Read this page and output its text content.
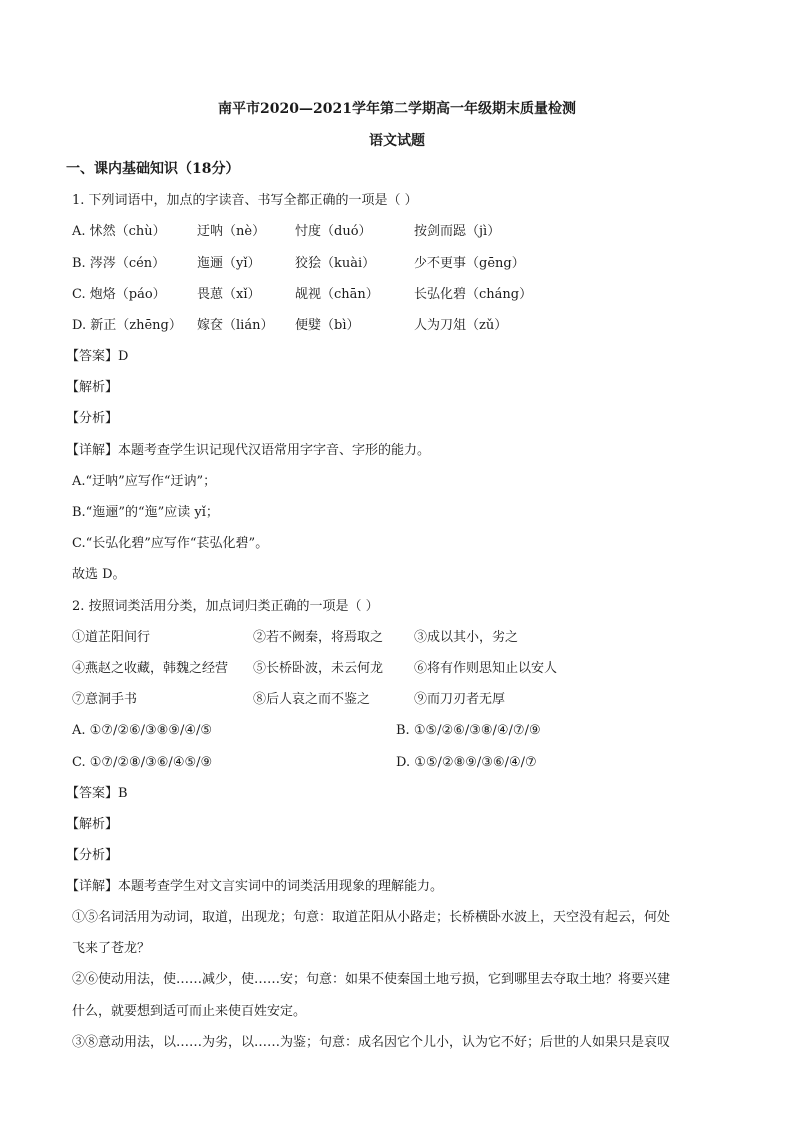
南平市2020—2021学年第二学期高一年级期末质量检测
语文试题
一、课内基础知识（18分）
1. 下列词语中，加点的字读音、书写全都正确的一项是（ ）
A. 怵然（chù） 迂呐（nè） 忖度（duó）	按剑而跽（jì）
B. 涔涔（cén） 迤逦（yǐ）	狡狯（kuài）	少不更事（gēng）
C. 炮烙（páo） 畏葸（xǐ）	觇视（chān）	长弘化碧（cháng）
D. 新正（zhēng） 嫁奁（lián） 便嬖（bì）	人为刀俎（zǔ）
【答案】D
【解析】
【分析】
【详解】本题考查学生识记现代汉语常用字字音、字形的能力。
A.“迂呐”应写作“迂讷”；
B.“迤逦”的“迤”应读 yǐ；
C.“长弘化碧”应写作“苌弘化碧”。
故选 D。
2. 按照词类活用分类，加点词归类正确的一项是（ ）
①道芷阳间行	②若不阙秦，将焉取之 ③成以其小，劣之
④燕赵之收藏，韩魏之经营 ⑤长桥卧波，未云何龙 ⑥将有作则思知止以安人
⑦意洞手书	⑧后人哀之而不鉴之	⑨而刀刃者无厚
A. ①⑦/②⑥/③⑧⑨/④/⑤	B. ①⑤/②⑥/③⑧/④/⑦/⑨
C. ①⑦/②⑧/③⑥/④⑤/⑨	D. ①⑤/②⑧⑨/③⑥/④/⑦
【答案】B
【解析】
【分析】
【详解】本题考查学生对文言实词中的词类活用现象的理解能力。
①⑤名词活用为动词，取道，出现龙；句意：取道芷阳从小路走；长桥横卧水波上，天空没有起云，何处
飞来了苍龙？
②⑥使动用法，使……减少，使……安；句意：如果不使秦国土地亏损，它到哪里去夺取土地？将要兴建
什么，就要想到适可而止来使百姓安定。
③⑧意动用法，以……为劣，以……为鉴；句意：成名因它个儿小，认为它不好；后世的人如果只是哀叹
